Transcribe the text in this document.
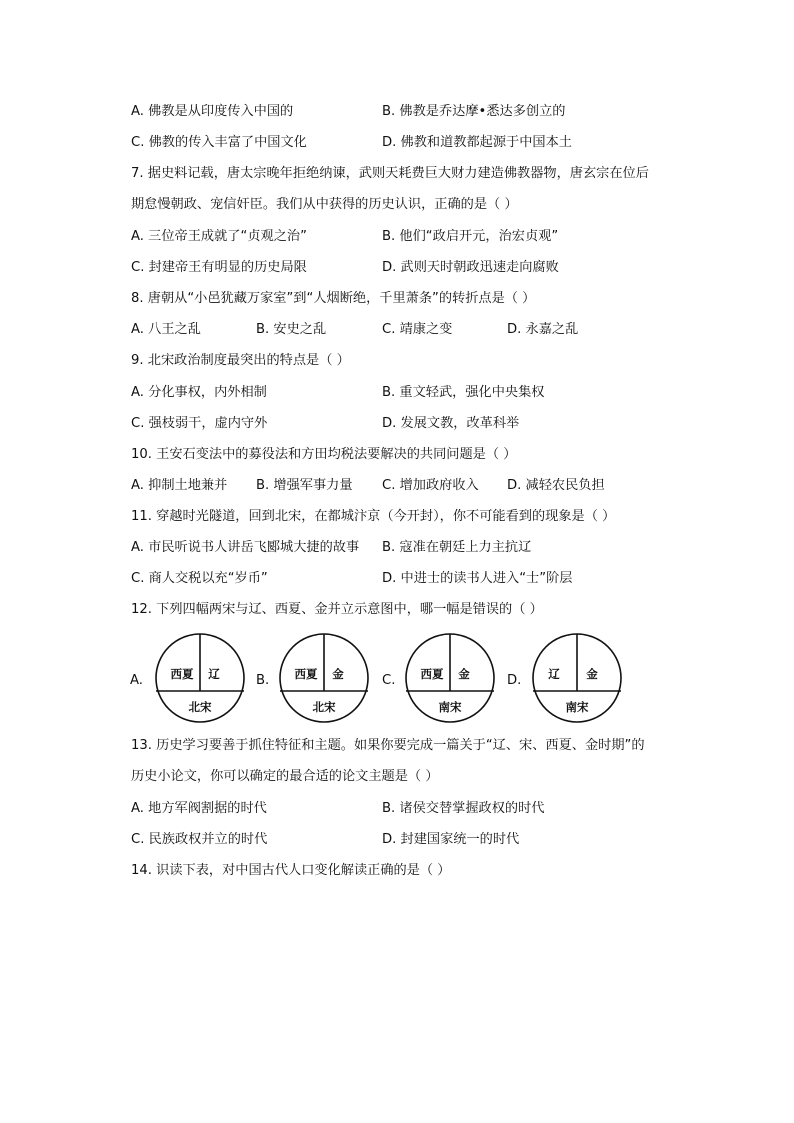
A. 佛教是从印度传入中国的	B. 佛教是乔达摩•悉达多创立的
C. 佛教的传入丰富了中国文化	D. 佛教和道教都起源于中国本土
7. 据史料记载，唐太宗晚年拒绝纳谏，武则天耗费巨大财力建造佛教器物，唐玄宗在位后
期怠慢朝政、宠信奸臣。我们从中获得的历史认识，正确的是（ ）
A. 三位帝王成就了“贞观之治”	B. 他们“政启开元，治宏贞观”
C. 封建帝王有明显的历史局限	D. 武则天时朝政迅速走向腐败
8. 唐朝从“小邑犹藏万家室”到“人烟断绝，千里萧条”的转折点是（ ）
A. 八王之乱	B. 安史之乱	C. 靖康之变	D. 永嘉之乱
9. 北宋政治制度最突出的特点是（ ）
A. 分化事权，内外相制	B. 重文轻武，强化中央集权
C. 强枝弱干，虚内守外	D. 发展文教，改革科举
10. 王安石变法中的募役法和方田均税法要解决的共同问题是（ ）
A. 抑制土地兼并 B. 增强军事力量 C. 增加政府收入 D. 减轻农民负担
11. 穿越时光隧道，回到北宋，在都城汴京（今开封），你不可能看到的现象是（ ）
A. 市民听说书人讲岳飞郾城大捷的故事 B. 寇准在朝廷上力主抗辽
C. 商人交税以充“岁币”	D. 中进士的读书人进入“士”阶层
12. 下列四幅两宋与辽、西夏、金并立示意图中，哪一幅是错误的（ ）
A. 西夏 辽
北宋
B. 西夏 金
北宋
C. 西夏 金
南宋
D. 辽 金
南宋
13. 历史学习要善于抓住特征和主题。如果你要完成一篇关于“辽、宋、西夏、金时期”的
历史小论文，你可以确定的最合适的论文主题是（ ）
A. 地方军阀割据的时代	B. 诸侯交替掌握政权的时代
C. 民族政权并立的时代	D. 封建国家统一的时代
14. 识读下表，对中国古代人口变化解读正确的是（ ）
